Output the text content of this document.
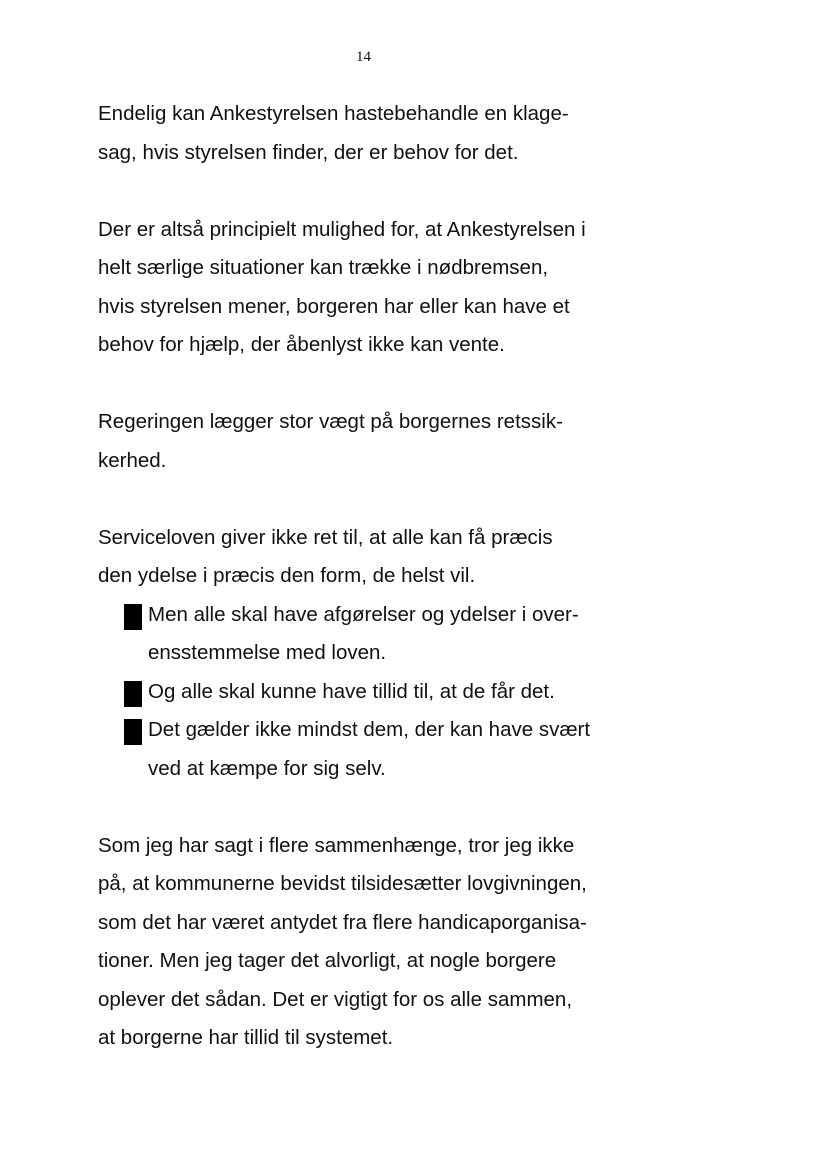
14

Endelig kan Ankestyrelsen hastebehandle en klage-
sag, hvis styrelsen finder, der er behov for det.

Der er altså principielt mulighed for, at Ankestyrelsen i
helt særlige situationer kan trække i nødbremsen,
hvis styrelsen mener, borgeren har eller kan have et
behov for hjælp, der åbenlyst ikke kan vente.

Regeringen lægger stor vægt på borgernes retssik-
kerhed.

Serviceloven giver ikke ret til, at alle kan få præcis
den ydelse i præcis den form, de helst vil.

Men alle skal have afgørelser og ydelser i over-
ensstemmelse med loven.
Og alle skal kunne have tillid til, at de får det.
Det gælder ikke mindst dem, der kan have svært
ved at kæmpe for sig selv.

Som jeg har sagt i flere sammenhænge, tror jeg ikke
på, at kommunerne bevidst tilsidesætter lovgivningen,
som det har været antydet fra flere handicaporganisa-
tioner. Men jeg tager det alvorligt, at nogle borgere
oplever det sådan. Det er vigtigt for os alle sammen,
at borgerne har tillid til systemet.
